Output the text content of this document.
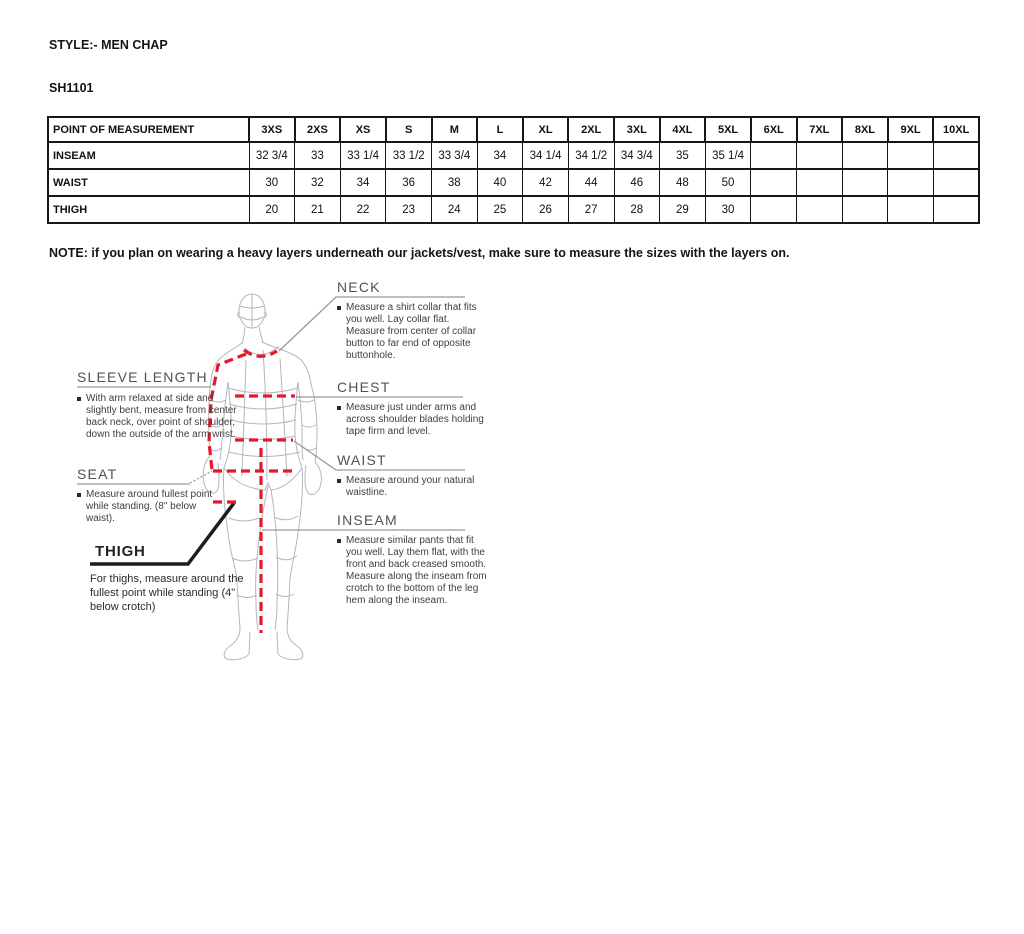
STYLE:- MEN CHAP
SH1101
POINT OF MEASUREMENT	3XS	2XS	XS	S	M	L	XL	2XL	3XL	4XL	5XL	6XL	7XL	8XL	9XL	10XL
INSEAM	32 3/4	33	33 1/4	33 1/2	33 3/4	34	34 1/4	34 1/2	34 3/4	35	35 1/4					
WAIST	30	32	34	36	38	40	42	44	46	48	50					
THIGH	20	21	22	23	24	25	26	27	28	29	30					
NOTE: if you plan on wearing a heavy layers underneath our jackets/vest, make sure to measure the sizes with the layers on.
NECK
SLEEVE LENGTH
CHEST
WAIST
SEAT
INSEAM
THIGH
Measure a shirt collar that fits you well. Lay collar flat. Measure from center of collar button to far end of opposite buttonhole.
With arm relaxed at side and slightly bent, measure from center back neck, over point of shoulder, down the outside of the arm wrist.
Measure just under arms and across shoulder blades holding tape firm and level.
Measure around your natural waistline.
Measure around fullest point while standing. (8" below waist).
Measure similar pants that fit you well. Lay them flat, with the front and back creased smooth. Measure along the inseam from crotch to the bottom of the leg hem along the inseam.
For thighs, measure around the fullest point while standing (4" below crotch)
